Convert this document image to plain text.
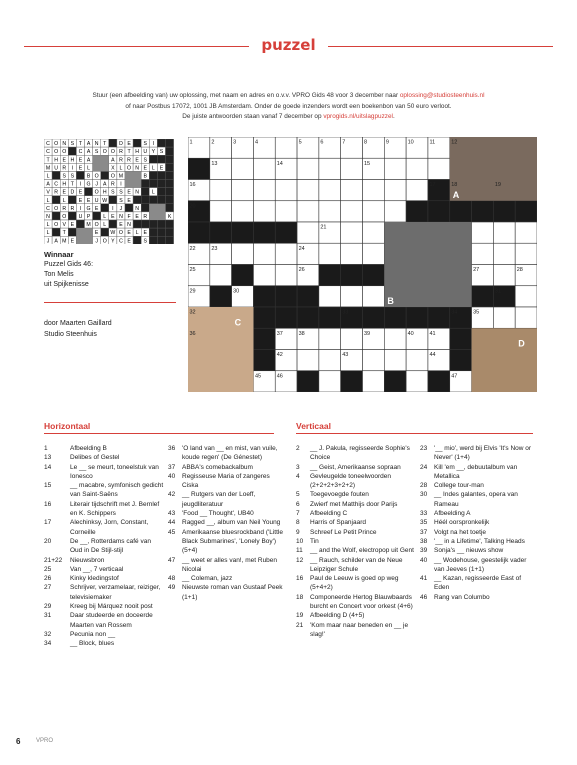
puzzel
Stuur (een afbeelding van) uw oplossing, met naam en adres en o.v.v. VPRO Gids 48 voor 3 december naar oplossing@studiosteenhuis.nl
of naar Postbus 17072, 1001 JB Amsterdam. Onder de goede inzenders wordt een boekenbon van 50 euro verloot.
De juiste antwoorden staan vanaf 7 december op vprogids.nl/uitslagpuzzel.
C O N S T A N T D E S I
C O O C A S O O R T H U Y S
T H E H E A	A R R E S
M U R I E L	X L O N E L E
L	S S B O O M	B
A C H T I G J A R I
V R E D E O H S S E N L
L	L	E E U W S E
C O R R I G E	I J	N
N O U P	L E N F E R	K
L O V E M O L	E N
L	T	E W O E L E
J A M E	J O Y C E S
Winnaar
Puzzel Gids 46:
Ton Melis
uit Spijkenisse
door Maarten Gaillard
Studio Steenhuis
A
B
C
D
1	2	3	4	5	6	7	8	9	10	11	12
13	14	15
16	17	18	19
20
21
22	23	24
25	26	27	28
29	30	31
32	33	34	35
36	37	38	39	40	41
42	43	44
45	46	47
Horizontaal	Verticaal
1	Afbeelding B
13	Delibes of Gestel
14	Le __ se meurt, toneelstuk van Ionesco
15	__ macabre, symfonisch gedicht van Saint-Saëns
16	Literair tijdschrift met J. Bernlef en K. Schippers
17	Alechinksy, Jorn, Constant, Corneille
20	De __, Rotterdams café van Oud in De Stijl-stijl
21+22	Nieuwsbron
25	Van __, 7 verticaal
26	Kinky kledingstof
27	Schrijver, verzamelaar, reiziger, televisiemaker
29	Kreeg bij Márquez nooit post
31	Daar studeerde en doceerde Maarten van Rossem
32	Pecunia non __
34	__ Block, blues
36	'O land van __ en mist, van vuile, koude regen' (De Génestet)
37	ABBA's comebackalbum
40	Regisseuse Maria of zangeres Ciska
42	__ Rutgers van der Loeff, jeugdliteratuur
43	'Food __ Thought', UB40
44	Ragged __, album van Neil Young
45	Amerikaanse bluesrockband ('Little Black Submarines', 'Lonely Boy') (5+4)
47	__ weet er alles van!, met Ruben Nicolai
48	__ Coleman, jazz
49	Nieuwste roman van Gustaaf Peek (1+1)
2	__ J. Pakula, regisseerde Sophie's Choice
3	__ Geist, Amerikaanse sopraan
4	Gevleugelde toneelwoorden (2+2+2+3+2+2)
5	Toegevoegde fouten
6	Zwierf met Matthijs door Parijs
7	Afbeelding C
8	Harris of Spanjaard
9	Schreef Le Petit Prince
10	Tin
11	__ and the Wolf, electropop uit Gent
12	__ Rauch, schilder van de Neue Leipziger Schule
16	Paul de Leeuw is goed op weg (5+4+2)
18	Componeerde Hertog Blauwbaards burcht en Concert voor orkest (4+6)
19	Afbeelding D (4+5)
21	'Kom maar naar beneden en __ je slag!'
23	'__ mio', werd bij Elvis 'It's Now or Never' (1+4)
24	Kill 'em __, debuutalbum van Metallica
28	College tour-man
30	__ Indes galantes, opera van Rameau
33	Afbeelding A
35	Héél oorspronkelijk
37	Volgt na het toetje
38	'__ in a Lifetime', Talking Heads
39	Sonja's __ nieuws show
40	__ Wodehouse, geestelijk vader van Jeeves (1+1)
41	__ Kazan, regisseerde East of Eden
46	Rang van Columbo
6	VPRO
